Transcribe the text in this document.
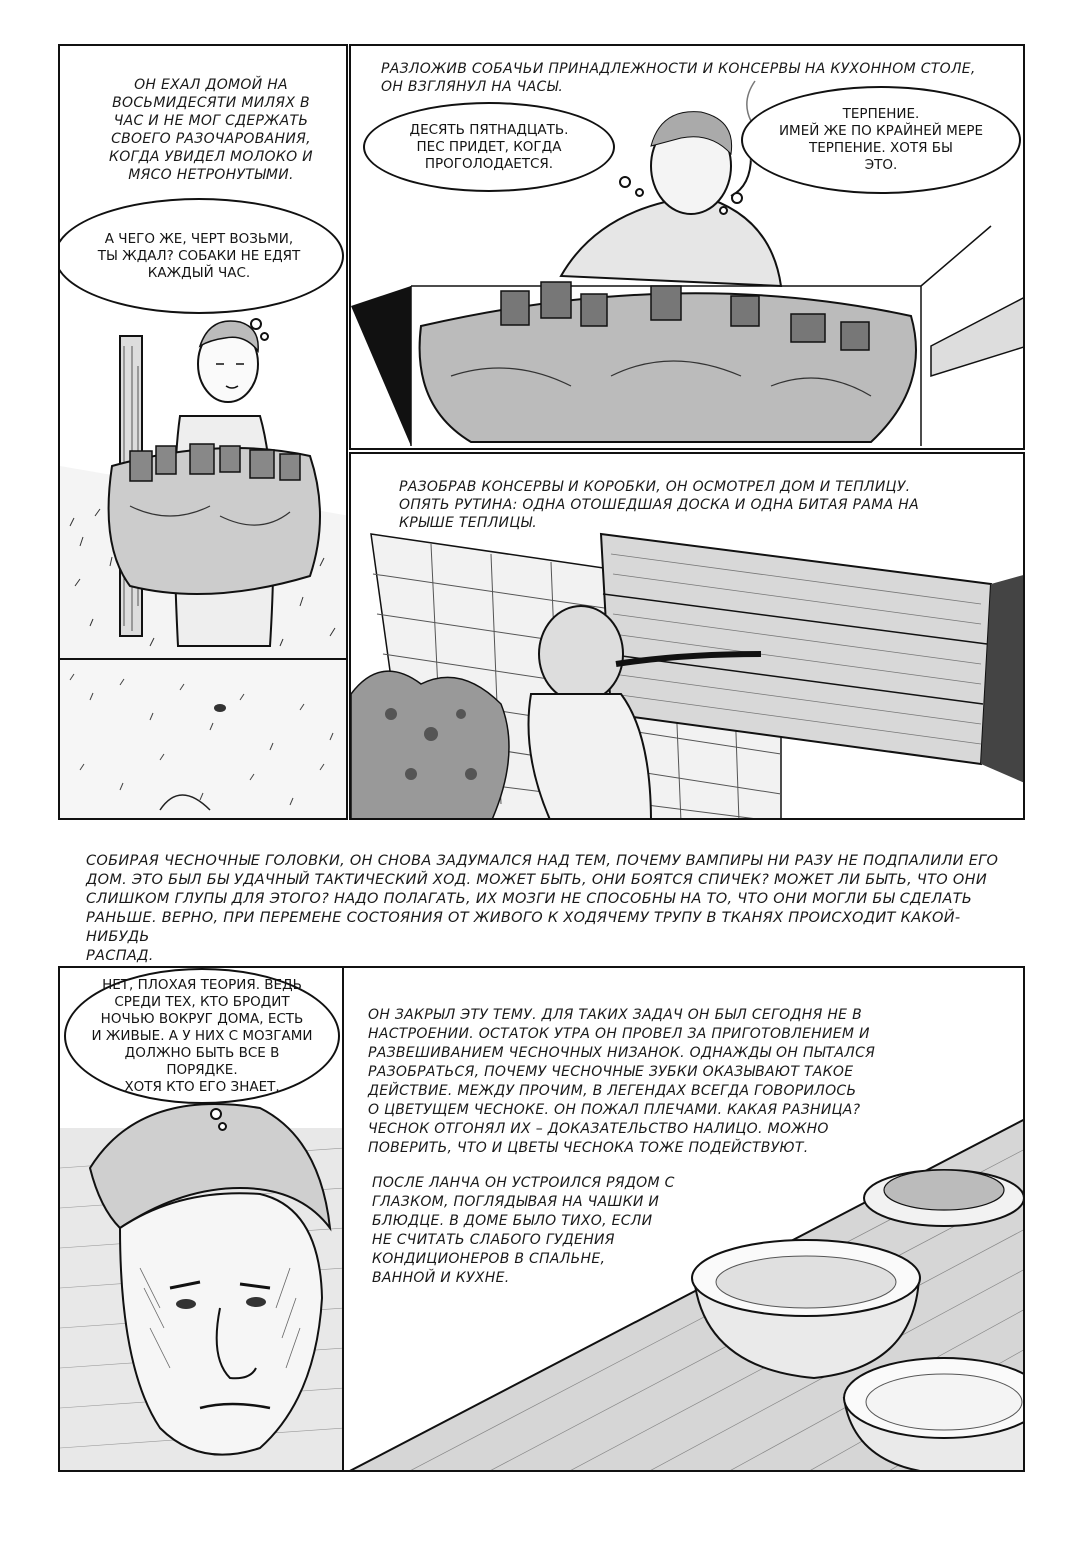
ОН ЕХАЛ ДОМОЙ НА
ВОСЬМИДЕСЯТИ МИЛЯХ В
ЧАС И НЕ МОГ СДЕРЖАТЬ
СВОЕГО РАЗОЧАРОВАНИЯ,
КОГДА УВИДЕЛ МОЛОКО И
МЯСО НЕТРОНУТЫМИ.
А ЧЕГО ЖЕ, ЧЕРТ ВОЗЬМИ,
ТЫ ЖДАЛ? СОБАКИ НЕ ЕДЯТ
КАЖДЫЙ ЧАС.
РАЗЛОЖИВ СОБАЧЬИ ПРИНАДЛЕЖНОСТИ И КОНСЕРВЫ НА КУХОННОМ СТОЛЕ,
ОН ВЗГЛЯНУЛ НА ЧАСЫ.
ДЕСЯТЬ ПЯТНАДЦАТЬ.
ПЕС ПРИДЕТ, КОГДА
ПРОГОЛОДАЕТСЯ.
ТЕРПЕНИЕ.
ИМЕЙ ЖЕ ПО КРАЙНЕЙ МЕРЕ
ТЕРПЕНИЕ. ХОТЯ БЫ
ЭТО.
РАЗОБРАВ КОНСЕРВЫ И КОРОБКИ, ОН ОСМОТРЕЛ ДОМ И ТЕПЛИЦУ.
ОПЯТЬ РУТИНА: ОДНА ОТОШЕДШАЯ ДОСКА И ОДНА БИТАЯ РАМА НА
КРЫШЕ ТЕПЛИЦЫ.
СОБИРАЯ ЧЕСНОЧНЫЕ ГОЛОВКИ, ОН СНОВА ЗАДУМАЛСЯ НАД ТЕМ, ПОЧЕМУ ВАМПИРЫ НИ РАЗУ НЕ ПОДПАЛИЛИ ЕГО
ДОМ. ЭТО БЫЛ БЫ УДАЧНЫЙ ТАКТИЧЕСКИЙ ХОД. МОЖЕТ БЫТЬ, ОНИ БОЯТСЯ СПИЧЕК? МОЖЕТ ЛИ БЫТЬ, ЧТО ОНИ
СЛИШКОМ ГЛУПЫ ДЛЯ ЭТОГО? НАДО ПОЛАГАТЬ, ИХ МОЗГИ НЕ СПОСОБНЫ НА ТО, ЧТО ОНИ МОГЛИ БЫ СДЕЛАТЬ
РАНЬШЕ. ВЕРНО, ПРИ ПЕРЕМЕНЕ СОСТОЯНИЯ ОТ ЖИВОГО К ХОДЯЧЕМУ ТРУПУ В ТКАНЯХ ПРОИСХОДИТ КАКОЙ-НИБУДЬ
РАСПАД.
НЕТ, ПЛОХАЯ ТЕОРИЯ. ВЕДЬ
СРЕДИ ТЕХ, КТО БРОДИТ
НОЧЬЮ ВОКРУГ ДОМА, ЕСТЬ
И ЖИВЫЕ. А У НИХ С МОЗГАМИ
ДОЛЖНО БЫТЬ ВСЕ В ПОРЯДКЕ.
ХОТЯ КТО ЕГО ЗНАЕТ.
ОН ЗАКРЫЛ ЭТУ ТЕМУ. ДЛЯ ТАКИХ ЗАДАЧ ОН БЫЛ СЕГОДНЯ НЕ В
НАСТРОЕНИИ. ОСТАТОК УТРА ОН ПРОВЕЛ ЗА ПРИГОТОВЛЕНИЕМ И
РАЗВЕШИВАНИЕМ ЧЕСНОЧНЫХ НИЗАНОК. ОДНАЖДЫ ОН ПЫТАЛСЯ
РАЗОБРАТЬСЯ, ПОЧЕМУ ЧЕСНОЧНЫЕ ЗУБКИ ОКАЗЫВАЮТ ТАКОЕ
ДЕЙСТВИЕ. МЕЖДУ ПРОЧИМ, В ЛЕГЕНДАХ ВСЕГДА ГОВОРИЛОСЬ
О ЦВЕТУЩЕМ ЧЕСНОКЕ. ОН ПОЖАЛ ПЛЕЧАМИ. КАКАЯ РАЗНИЦА?
ЧЕСНОК ОТГОНЯЛ ИХ – ДОКАЗАТЕЛЬСТВО НАЛИЦО. МОЖНО
ПОВЕРИТЬ, ЧТО И ЦВЕТЫ ЧЕСНОКА ТОЖЕ ПОДЕЙСТВУЮТ.
ПОСЛЕ ЛАНЧА ОН УСТРОИЛСЯ РЯДОМ С
ГЛАЗКОМ, ПОГЛЯДЫВАЯ НА ЧАШКИ И
БЛЮДЦЕ. В ДОМЕ БЫЛО ТИХО, ЕСЛИ
НЕ СЧИТАТЬ СЛАБОГО ГУДЕНИЯ
КОНДИЦИОНЕРОВ В СПАЛЬНЕ,
ВАННОЙ И КУХНЕ.
